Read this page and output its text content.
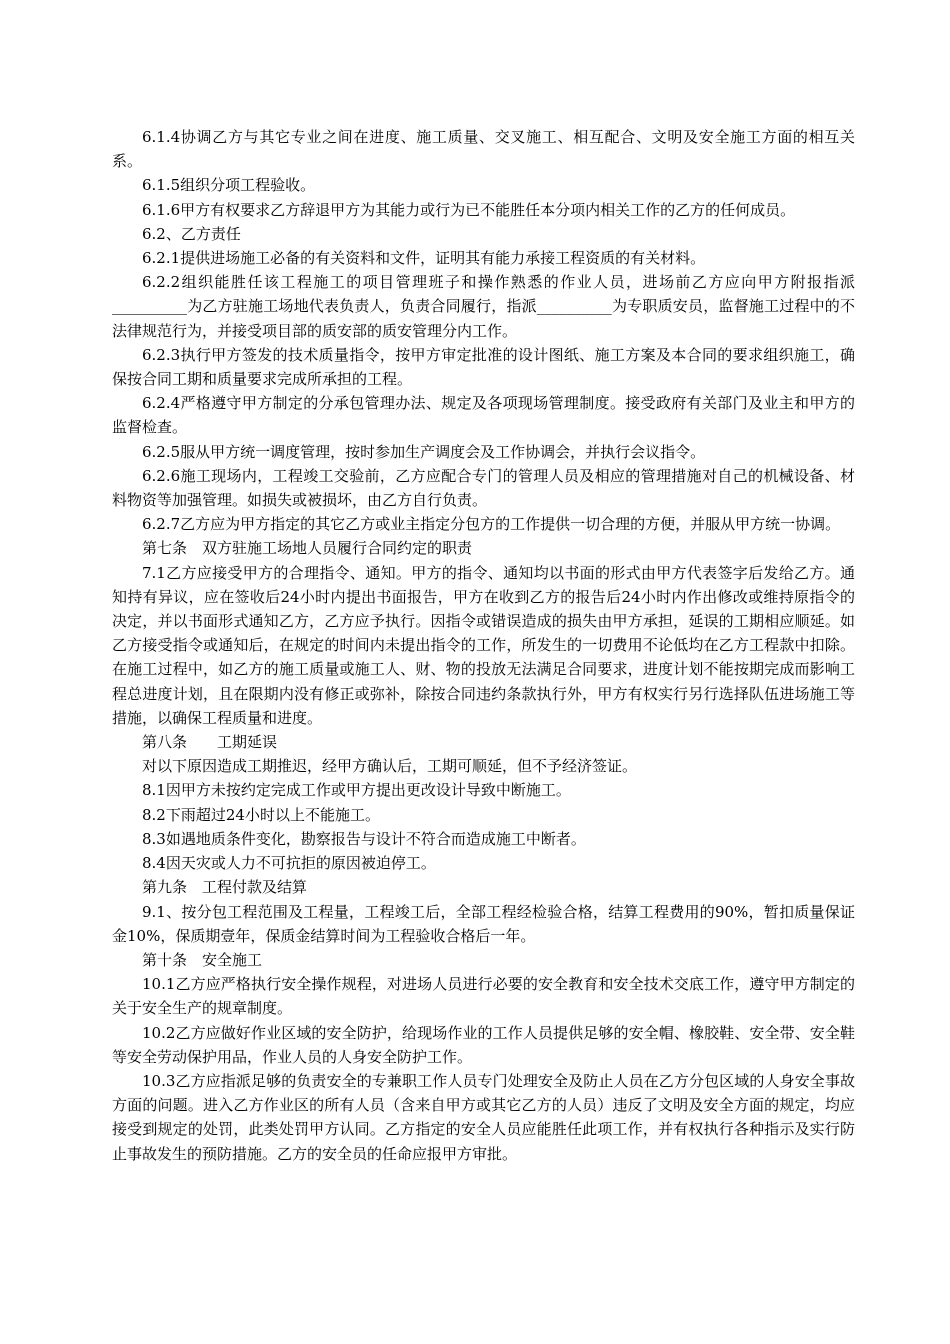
6.1.4协调乙方与其它专业之间在进度、施工质量、交叉施工、相互配合、文明及安全施工方面的相互关系。

6.1.5组织分项工程验收。

6.1.6甲方有权要求乙方辞退甲方为其能力或行为已不能胜任本分项内相关工作的乙方的任何成员。

6.2、乙方责任

6.2.1提供进场施工必备的有关资料和文件，证明其有能力承接工程资质的有关材料。

6.2.2组织能胜任该工程施工的项目管理班子和操作熟悉的作业人员，进场前乙方应向甲方附报指派__________为乙方驻施工场地代表负责人，负责合同履行，指派__________为专职质安员，监督施工过程中的不法律规范行为，并接受项目部的质安部的质安管理分内工作。

6.2.3执行甲方签发的技术质量指令，按甲方审定批准的设计图纸、施工方案及本合同的要求组织施工，确保按合同工期和质量要求完成所承担的工程。

6.2.4严格遵守甲方制定的分承包管理办法、规定及各项现场管理制度。接受政府有关部门及业主和甲方的监督检查。

6.2.5服从甲方统一调度管理，按时参加生产调度会及工作协调会，并执行会议指令。

6.2.6施工现场内，工程竣工交验前，乙方应配合专门的管理人员及相应的管理措施对自己的机械设备、材料物资等加强管理。如损失或被损坏，由乙方自行负责。

6.2.7乙方应为甲方指定的其它乙方或业主指定分包方的工作提供一切合理的方便，并服从甲方统一协调。

第七条　双方驻施工场地人员履行合同约定的职责

7.1乙方应接受甲方的合理指令、通知。甲方的指令、通知均以书面的形式由甲方代表签字后发给乙方。通知持有异议，应在签收后24小时内提出书面报告，甲方在收到乙方的报告后24小时内作出修改或维持原指令的决定，并以书面形式通知乙方，乙方应予执行。因指令或错误造成的损失由甲方承担，延误的工期相应顺延。如乙方接受指令或通知后，在规定的时间内未提出指令的工作，所发生的一切费用不论低均在乙方工程款中扣除。在施工过程中，如乙方的施工质量或施工人、财、物的投放无法满足合同要求，进度计划不能按期完成而影响工程总进度计划，且在限期内没有修正或弥补，除按合同违约条款执行外，甲方有权实行另行选择队伍进场施工等措施，以确保工程质量和进度。

第八条　　工期延误

对以下原因造成工期推迟，经甲方确认后，工期可顺延，但不予经济签证。

8.1因甲方未按约定完成工作或甲方提出更改设计导致中断施工。

8.2下雨超过24小时以上不能施工。

8.3如遇地质条件变化，勘察报告与设计不符合而造成施工中断者。

8.4因天灾或人力不可抗拒的原因被迫停工。

第九条　工程付款及结算

9.1、按分包工程范围及工程量，工程竣工后，全部工程经检验合格，结算工程费用的90%，暂扣质量保证金10%，保质期壹年，保质金结算时间为工程验收合格后一年。

第十条　安全施工

10.1乙方应严格执行安全操作规程，对进场人员进行必要的安全教育和安全技术交底工作，遵守甲方制定的关于安全生产的规章制度。

10.2乙方应做好作业区域的安全防护，给现场作业的工作人员提供足够的安全帽、橡胶鞋、安全带、安全鞋等安全劳动保护用品，作业人员的人身安全防护工作。

10.3乙方应指派足够的负责安全的专兼职工作人员专门处理安全及防止人员在乙方分包区域的人身安全事故方面的问题。进入乙方作业区的所有人员（含来自甲方或其它乙方的人员）违反了文明及安全方面的规定，均应接受到规定的处罚，此类处罚甲方认同。乙方指定的安全人员应能胜任此项工作，并有权执行各种指示及实行防止事故发生的预防措施。乙方的安全员的任命应报甲方审批。
